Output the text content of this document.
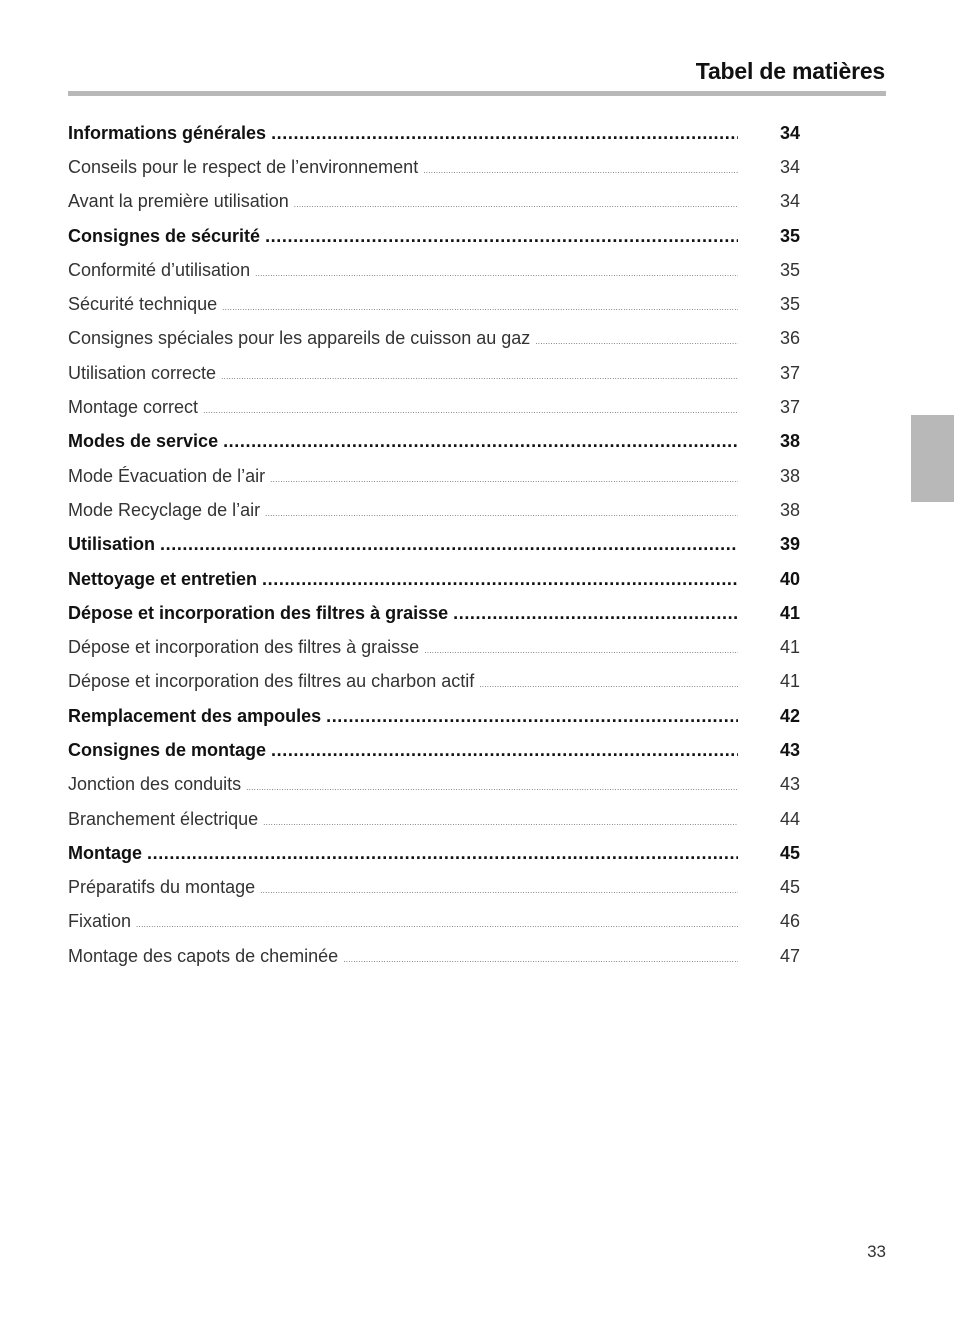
Tabel de matières
Informations générales .....	34
Conseils pour le respect de l’environnement .....	34
Avant la première utilisation .....	34
Consignes de sécurité .....	35
Conformité d’utilisation .....	35
Sécurité technique .....	35
Consignes spéciales pour les appareils de cuisson au gaz .....	36
Utilisation correcte .....	37
Montage correct .....	37
Modes de service .....	38
Mode Évacuation de l’air .....	38
Mode Recyclage de l’air .....	38
Utilisation .....	39
Nettoyage et entretien .....	40
Dépose et incorporation des filtres à graisse .....	41
Dépose et incorporation des filtres à graisse .....	41
Dépose et incorporation des filtres au charbon actif .....	41
Remplacement des ampoules .....	42
Consignes de montage .....	43
Jonction des conduits .....	43
Branchement électrique .....	44
Montage .....	45
Préparatifs du montage .....	45
Fixation .....	46
Montage des capots de cheminée .....	47
33
